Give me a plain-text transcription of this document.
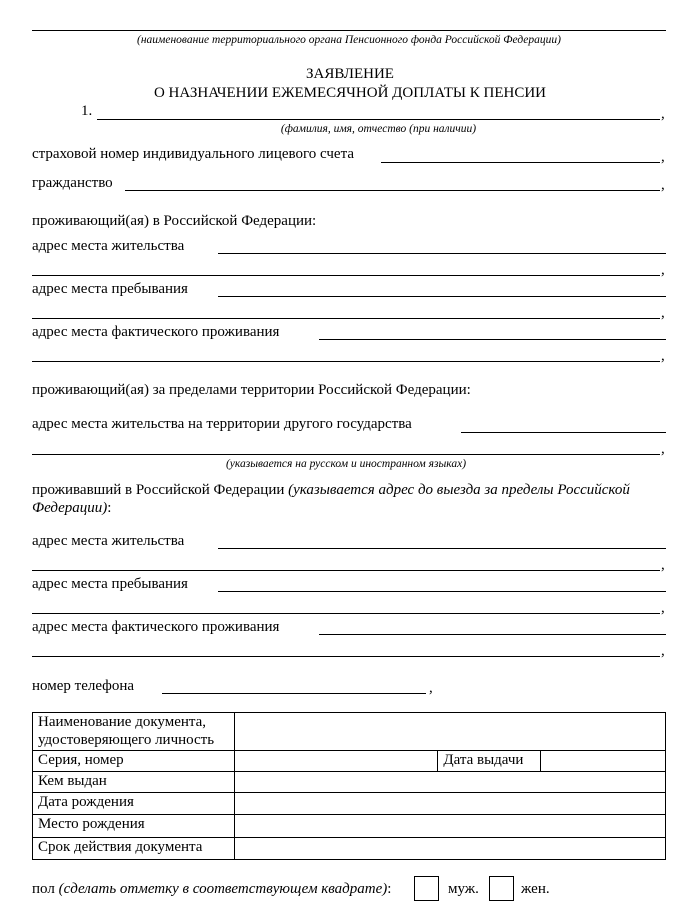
(наименование территориального органа Пенсионного фонда Российской Федерации)
ЗАЯВЛЕНИЕ
О НАЗНАЧЕНИИ ЕЖЕМЕСЯЧНОЙ ДОПЛАТЫ К ПЕНСИИ
1.	,
(фамилия, имя, отчество (при наличии)
страховой номер индивидуального лицевого счета	,
гражданство	,
проживающий(ая) в Российской Федерации:
адрес места жительства
,
адрес места пребывания
,
адрес места фактического проживания
,
проживающий(ая) за пределами территории Российской Федерации:
адрес места жительства на территории другого государства
,
(указывается на русском и иностранном языках)
проживавший в Российской Федерации (указывается адрес до выезда за пределы Российской
Федерации):
адрес места жительства
,
адрес места пребывания
,
адрес места фактического проживания
,
номер телефона	,
Наименование документа,
удостоверяющего личность			

Серия, номер		Дата выдачи	
Кем выдан			
Дата рождения			
Место рождения			
Срок действия документа			
пол (сделать отметку в соответствующем квадрате):	муж.	жен.
